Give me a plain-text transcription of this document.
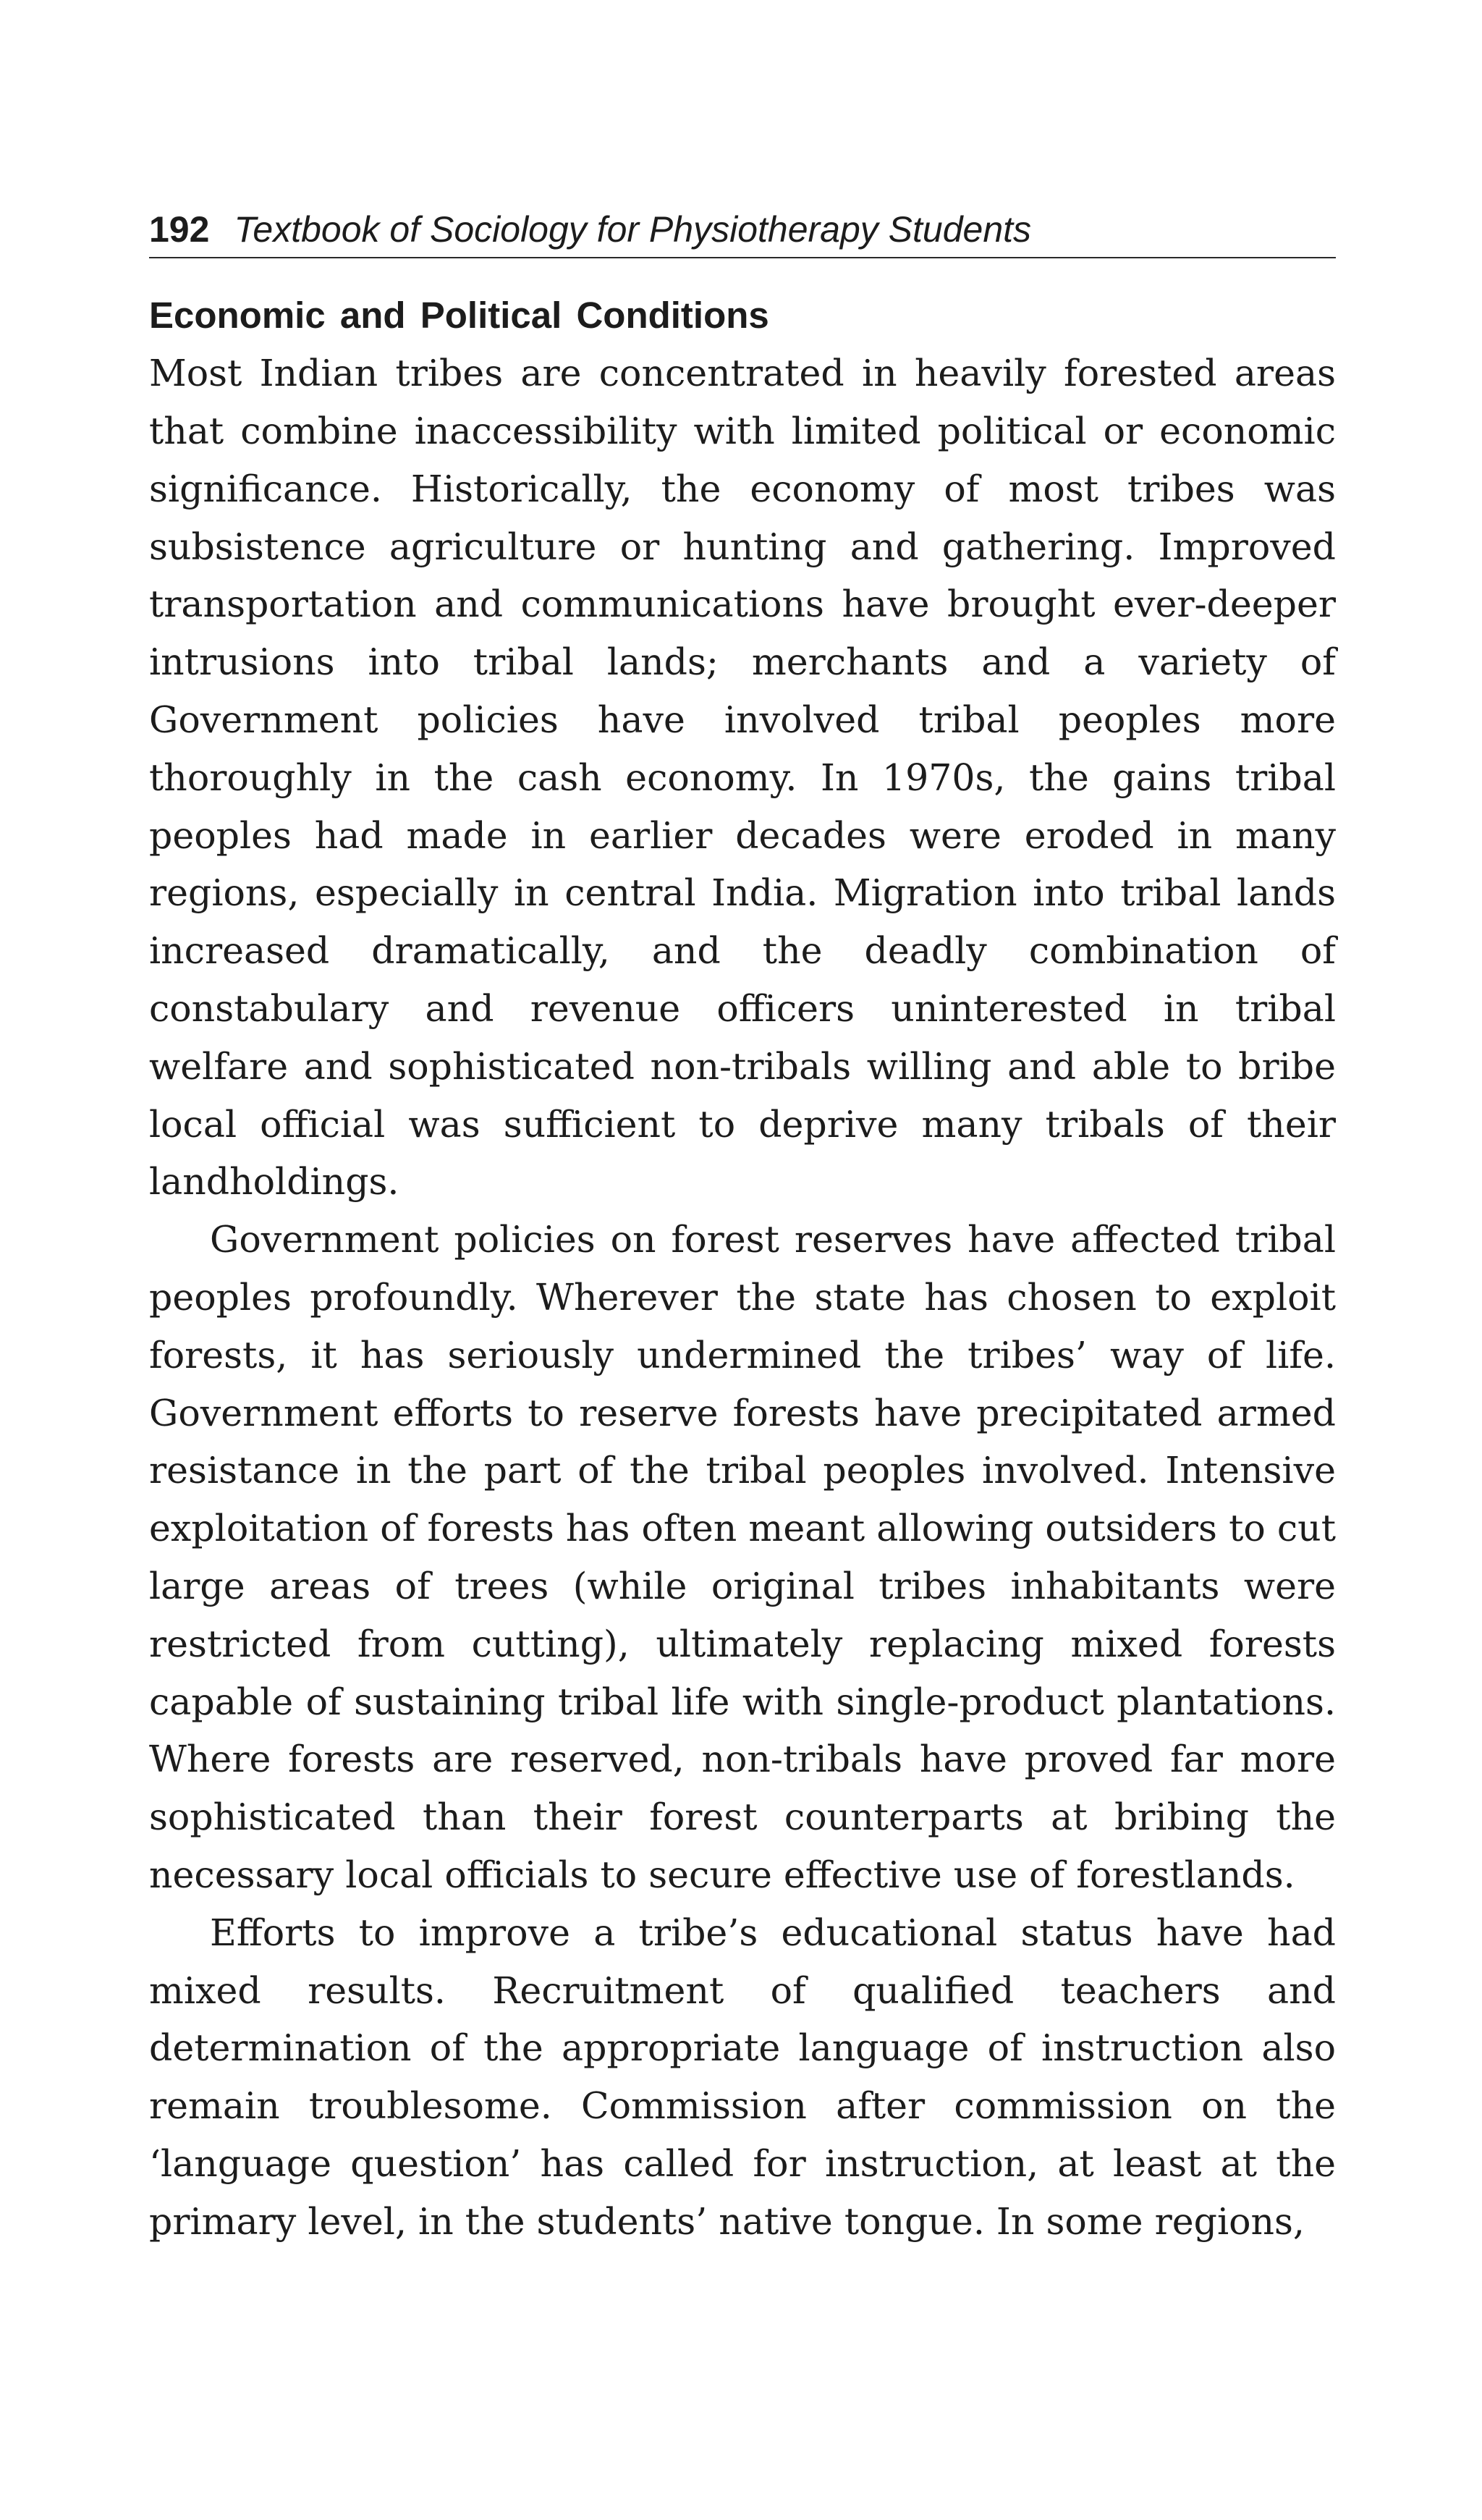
192 Textbook of Sociology for Physiotherapy Students
Economic and Political Conditions

Most Indian tribes are concentrated in heavily forested areas that combine inaccessibility with limited political or economic significance. Historically, the economy of most tribes was subsistence agriculture or hunting and gathering. Improved transportation and communications have brought ever-deeper intrusions into tribal lands; merchants and a variety of Government policies have involved tribal peoples more thoroughly in the cash economy. In 1970s, the gains tribal peoples had made in earlier decades were eroded in many regions, especially in central India. Migration into tribal lands increased dramatically, and the deadly combination of constabulary and revenue officers uninterested in tribal welfare and sophisticated non-tribals willing and able to bribe local official was sufficient to deprive many tribals of their landholdings.

Government policies on forest reserves have affected tribal peoples profoundly. Wherever the state has chosen to exploit forests, it has seriously undermined the tribes’ way of life. Government efforts to reserve forests have precipitated armed resistance in the part of the tribal peoples involved. Intensive exploitation of forests has often meant allowing outsiders to cut large areas of trees (while original tribes inhabitants were restricted from cutting), ultimately replacing mixed forests capable of sustaining tribal life with single-product plantations. Where forests are reserved, non-tribals have proved far more sophisticated than their forest counterparts at bribing the necessary local officials to secure effective use of forestlands.

Efforts to improve a tribe’s educational status have had mixed results. Recruitment of qualified teachers and determination of the appropriate language of instruction also remain troublesome. Commission after commission on the ‘language question’ has called for instruction, at least at the primary level, in the students’ native tongue. In some regions,
